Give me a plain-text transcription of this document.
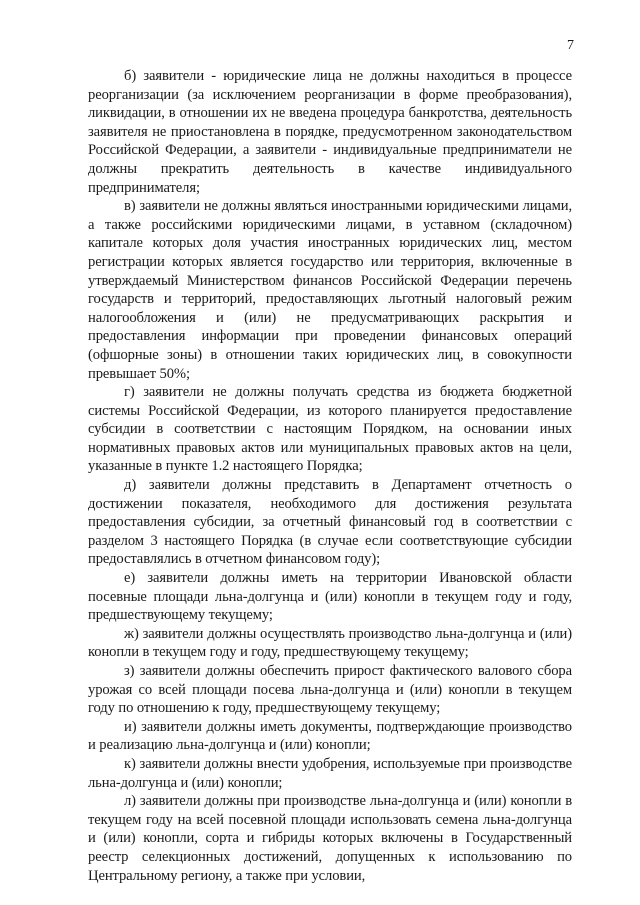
7

б) заявители - юридические лица не должны находиться в процессе реорганизации (за исключением реорганизации в форме преобразования), ликвидации, в отношении их не введена процедура банкротства, деятельность заявителя не приостановлена в порядке, предусмотренном законодательством Российской Федерации, а заявители - индивидуальные предприниматели не должны прекратить деятельность в качестве индивидуального предпринимателя;

в) заявители не должны являться иностранными юридическими лицами, а также российскими юридическими лицами, в уставном (складочном) капитале которых доля участия иностранных юридических лиц, местом регистрации которых является государство или территория, включенные в утверждаемый Министерством финансов Российской Федерации перечень государств и территорий, предоставляющих льготный налоговый режим налогообложения и (или) не предусматривающих раскрытия и предоставления информации при проведении финансовых операций (офшорные зоны) в отношении таких юридических лиц, в совокупности превышает 50%;

г) заявители не должны получать средства из бюджета бюджетной системы Российской Федерации, из которого планируется предоставление субсидии в соответствии с настоящим Порядком, на основании иных нормативных правовых актов или муниципальных правовых актов на цели, указанные в пункте 1.2 настоящего Порядка;

д) заявители должны представить в Департамент отчетность о достижении показателя, необходимого для достижения результата предоставления субсидии, за отчетный финансовый год в соответствии с разделом 3 настоящего Порядка (в случае если соответствующие субсидии предоставлялись в отчетном финансовом году);

е) заявители должны иметь на территории Ивановской области посевные площади льна-долгунца и (или) конопли в текущем году и году, предшествующему текущему;

ж) заявители должны осуществлять производство льна-долгунца и (или) конопли в текущем году и году, предшествующему текущему;

з) заявители должны обеспечить прирост фактического валового сбора урожая со всей площади посева льна-долгунца и (или) конопли в текущем году по отношению к году, предшествующему текущему;

и) заявители должны иметь документы, подтверждающие производство и реализацию льна-долгунца и (или) конопли;

к) заявители должны внести удобрения, используемые при производстве льна-долгунца и (или) конопли;

л) заявители должны при производстве льна-долгунца и (или) конопли в текущем году на всей посевной площади использовать семена льна-долгунца и (или) конопли, сорта и гибриды которых включены в Государственный реестр селекционных достижений, допущенных к использованию по Центральному региону, а также при условии,
